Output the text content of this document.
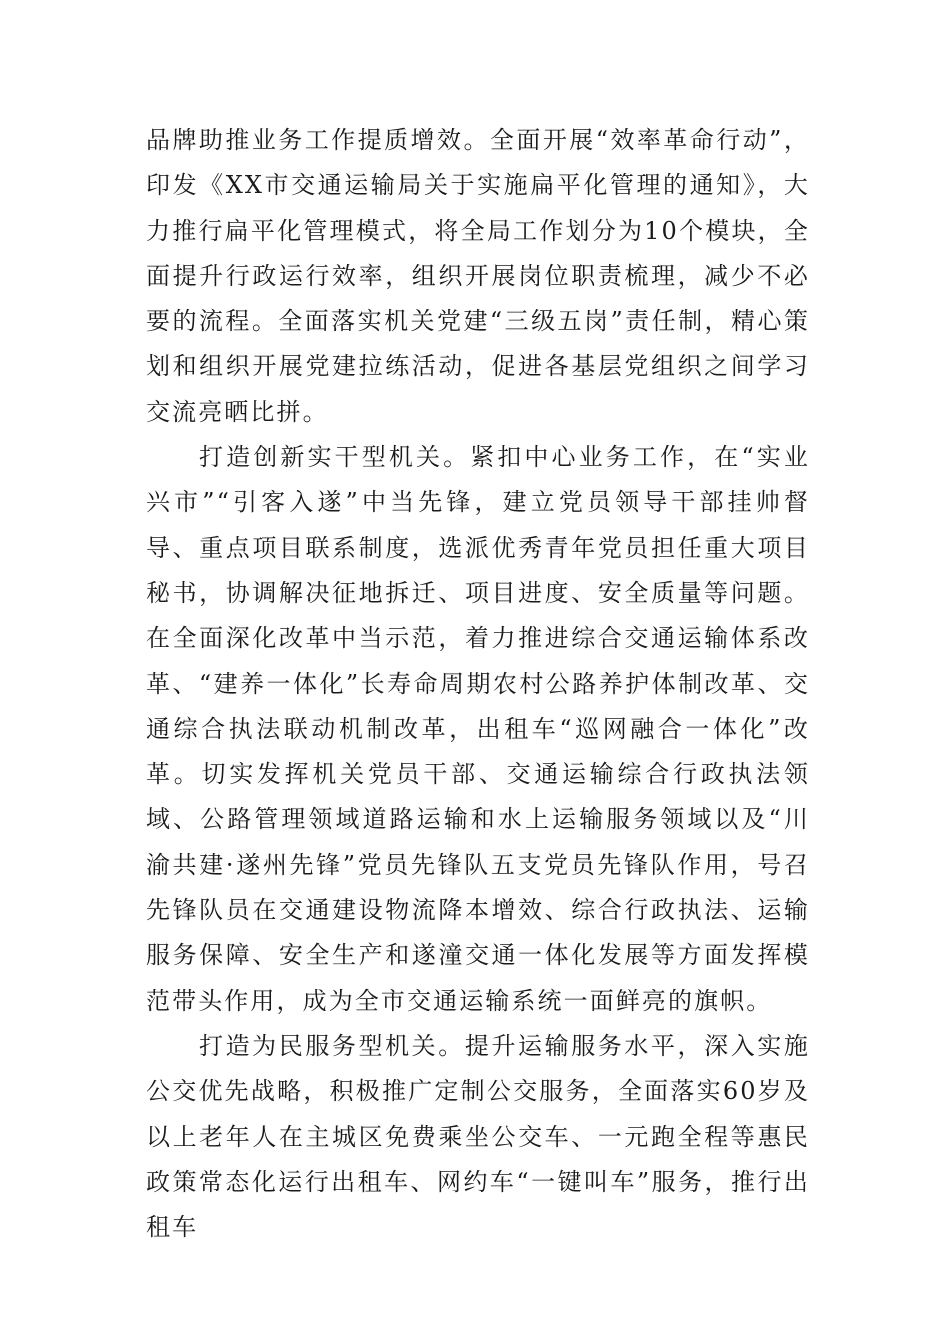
品牌助推业务工作提质增效。全面开展“效率革命行动”，印发《XX市交通运输局关于实施扁平化管理的通知》，大力推行扁平化管理模式，将全局工作划分为10个模块，全面提升行政运行效率，组织开展岗位职责梳理，减少不必要的流程。全面落实机关党建“三级五岗”责任制，精心策划和组织开展党建拉练活动，促进各基层党组织之间学习交流亮晒比拼。

打造创新实干型机关。紧扣中心业务工作，在“实业兴市”“引客入遂”中当先锋，建立党员领导干部挂帅督导、重点项目联系制度，选派优秀青年党员担任重大项目秘书，协调解决征地拆迁、项目进度、安全质量等问题。在全面深化改革中当示范，着力推进综合交通运输体系改革、“建养一体化”长寿命周期农村公路养护体制改革、交通综合执法联动机制改革，出租车“巡网融合一体化”改革。切实发挥机关党员干部、交通运输综合行政执法领域、公路管理领域道路运输和水上运输服务领域以及“川渝共建·遂州先锋”党员先锋队五支党员先锋队作用，号召先锋队员在交通建设物流降本增效、综合行政执法、运输服务保障、安全生产和遂潼交通一体化发展等方面发挥模范带头作用，成为全市交通运输系统一面鲜亮的旗帜。

打造为民服务型机关。提升运输服务水平，深入实施公交优先战略，积极推广定制公交服务，全面落实60岁及以上老年人在主城区免费乘坐公交车、一元跑全程等惠民政策常态化运行出租车、网约车“一键叫车”服务，推行出租车
